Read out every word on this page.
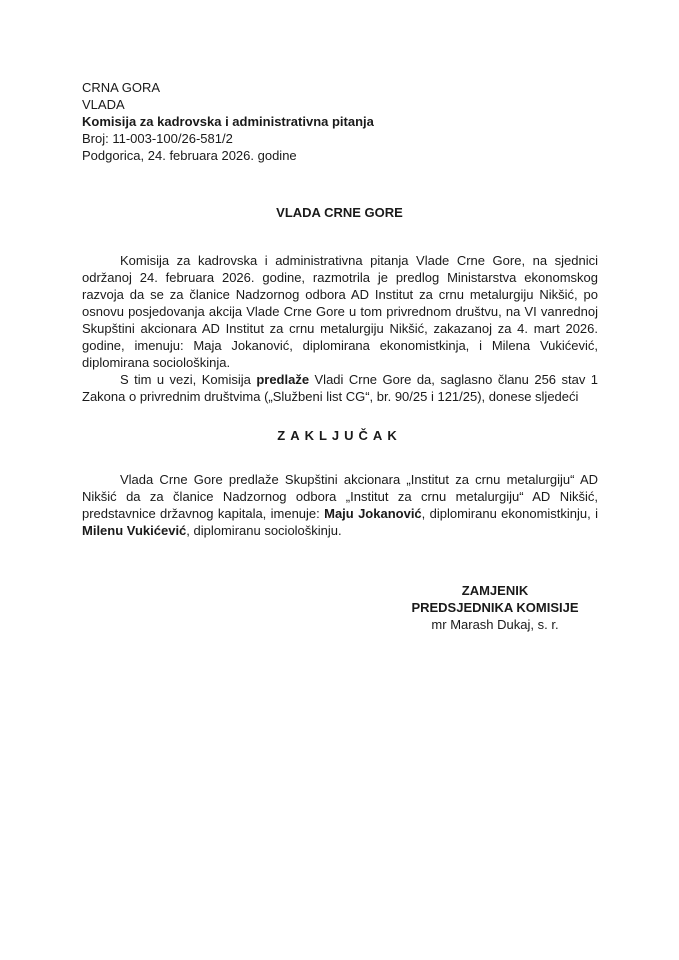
CRNA GORA
VLADA
Komisija za kadrovska i administrativna pitanja
Broj: 11-003-100/26-581/2
Podgorica, 24. februara 2026. godine
VLADA CRNE GORE

Komisija za kadrovska i administrativna pitanja Vlade Crne Gore, na sjednici održanoj 24. februara 2026. godine, razmotrila je predlog Ministarstva ekonomskog razvoja da se za članice Nadzornog odbora AD Institut za crnu metalurgiju Nikšić, po osnovu posjedovanja akcija Vlade Crne Gore u tom privrednom društvu, na VI vanrednoj Skupštini akcionara AD Institut za crnu metalurgiju Nikšić, zakazanoj za 4. mart 2026. godine, imenuju: Maja Jokanović, diplomirana ekonomistkinja, i Milena Vukićević, diplomirana sociološkinja.

S tim u vezi, Komisija predlaže Vladi Crne Gore da, saglasno članu 256 stav 1 Zakona o privrednim društvima („Službeni list CG“, br. 90/25 i 121/25), donese sljedeći

ZAKLJUČAK

Vlada Crne Gore predlaže Skupštini akcionara „Institut za crnu metalurgiju“ AD Nikšić da za članice Nadzornog odbora „Institut za crnu metalurgiju“ AD Nikšić, predstavnice državnog kapitala, imenuje: Maju Jokanović, diplomiranu ekonomistkinju, i Milenu Vukićević, diplomiranu sociološkinju.

ZAMJENIK
PREDSJEDNIKA KOMISIJE
mr Marash Dukaj, s. r.
